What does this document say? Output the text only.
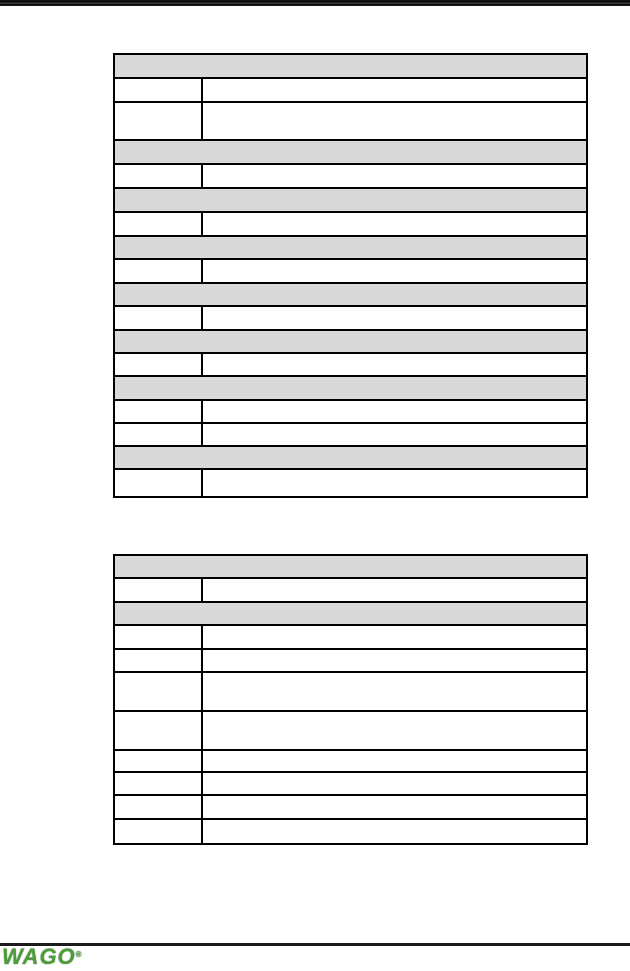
WAGO®
